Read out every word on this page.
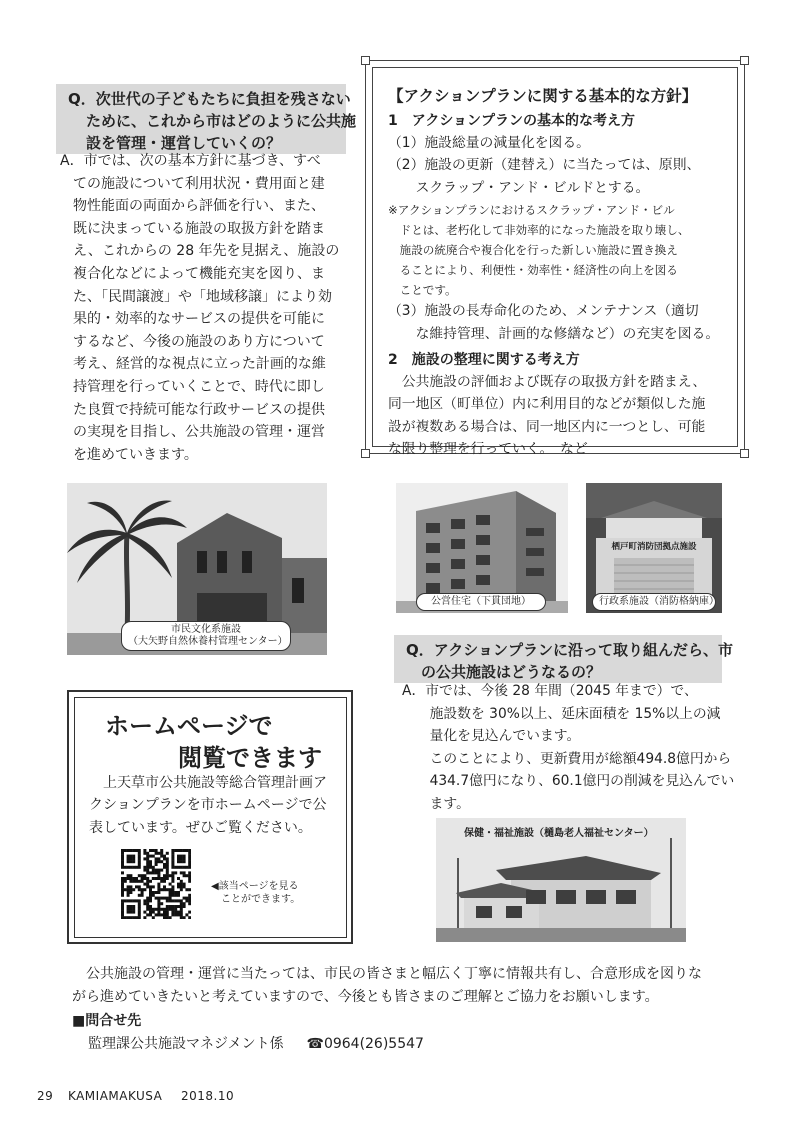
Q．次世代の子どもたちに負担を残さない
ために、これから市はどのように公共施
設を管理・運営していくの？
A．市では、次の基本方針に基づき、すべ
ての施設について利用状況・費用面と建
物性能面の両面から評価を行い、また、
既に決まっている施設の取扱方針を踏ま
え、これからの 28 年先を見据え、施設の
複合化などによって機能充実を図り、ま
た、「民間譲渡」や「地域移譲」により効
果的・効率的なサービスの提供を可能に
するなど、今後の施設のあり方について
考え、経営的な視点に立った計画的な維
持管理を行っていくことで、時代に即し
た良質で持続可能な行政サービスの提供
の実現を目指し、公共施設の管理・運営
を進めていきます。
【アクションプランに関する基本的な方針】
1　アクションプランの基本的な考え方
（1）施設総量の減量化を図る。
（2）施設の更新（建替え）に当たっては、原則、
　　スクラップ・アンド・ビルドとする。
※アクションプランにおけるスクラップ・アンド・ビル
　ドとは、老朽化して非効率的になった施設を取り壊し、
　施設の統廃合や複合化を行った新しい施設に置き換え
　ることにより、利便性・効率性・経済性の向上を図る
　ことです。
（3）施設の長寿命化のため、メンテナンス（適切
　　な維持管理、計画的な修繕など）の充実を図る。
2　施設の整理に関する考え方
　公共施設の評価および既存の取扱方針を踏まえ、
同一地区（町単位）内に利用目的などが類似した施
設が複数ある場合は、同一地区内に一つとし、可能
な限り整理を行っていく。　など
市民文化系施設
（大矢野自然休養村管理センター）
公営住宅（下貫団地）
栖戸町消防団拠点施設
行政系施設（消防格納庫）
Q．アクションプランに沿って取り組んだら、市
　の公共施設はどうなるの？
A．市では、今後 28 年間（2045 年まで）で、
　　施設数を 30%以上、延床面積を 15%以上の減
　　量化を見込んでいます。
　　このことにより、更新費用が総額494.8億円から
　　434.7億円になり、60.1億円の削減を見込んでい
　　ます。
保健・福祉施設（樋島老人福祉センター）
ホームページで
閲覧できます
上天草市公共施設等総合管理計画ア
クションプランを市ホームページで公
表しています。ぜひご覧ください。
◀該当ページを見る
　ことができます。
　公共施設の管理・運営に当たっては、市民の皆さまと幅広く丁寧に情報共有し、合意形成を図りな
がら進めていきたいと考えていますので、今後とも皆さまのご理解とご協力をお願いします。
■問合せ先
監理課公共施設マネジメント係 ☎0964(26)5547
29 KAMIAMAKUSA 2018.10
